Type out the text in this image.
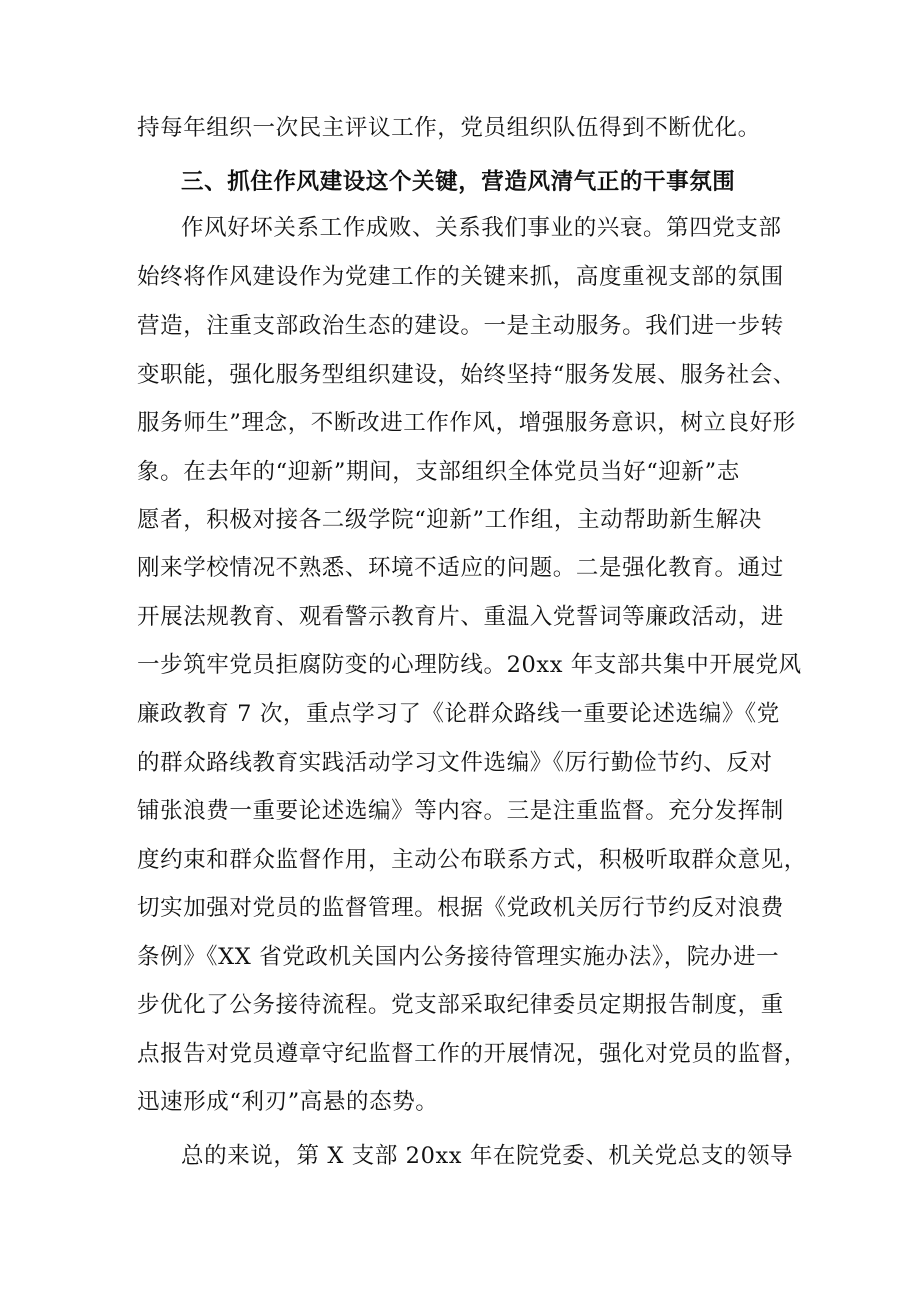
持每年组织一次民主评议工作，党员组织队伍得到不断优化。
三、抓住作风建设这个关键，营造风清气正的干事氛围
作风好坏关系工作成败、关系我们事业的兴衰。第四党支部
始终将作风建设作为党建工作的关键来抓，高度重视支部的氛围
营造，注重支部政治生态的建设。一是主动服务。我们进一步转
变职能，强化服务型组织建设，始终坚持“服务发展、服务社会、
服务师生”理念，不断改进工作作风，增强服务意识，树立良好形
象。在去年的“迎新”期间，支部组织全体党员当好“迎新”志
愿者，积极对接各二级学院“迎新”工作组，主动帮助新生解决
刚来学校情况不熟悉、环境不适应的问题。二是强化教育。通过
开展法规教育、观看警示教育片、重温入党誓词等廉政活动，进
一步筑牢党员拒腐防变的心理防线。20xx 年支部共集中开展党风
廉政教育 7 次，重点学习了《论群众路线一重要论述选编》《党
的群众路线教育实践活动学习文件选编》《厉行勤俭节约、反对
铺张浪费一重要论述选编》等内容。三是注重监督。充分发挥制
度约束和群众监督作用，主动公布联系方式，积极听取群众意见，
切实加强对党员的监督管理。根据《党政机关厉行节约反对浪费
条例》《XX 省党政机关国内公务接待管理实施办法》，院办进一
步优化了公务接待流程。党支部采取纪律委员定期报告制度，重
点报告对党员遵章守纪监督工作的开展情况，强化对党员的监督，
迅速形成“利刃”高悬的态势。
总的来说，第 X 支部 20xx 年在院党委、机关党总支的领导
